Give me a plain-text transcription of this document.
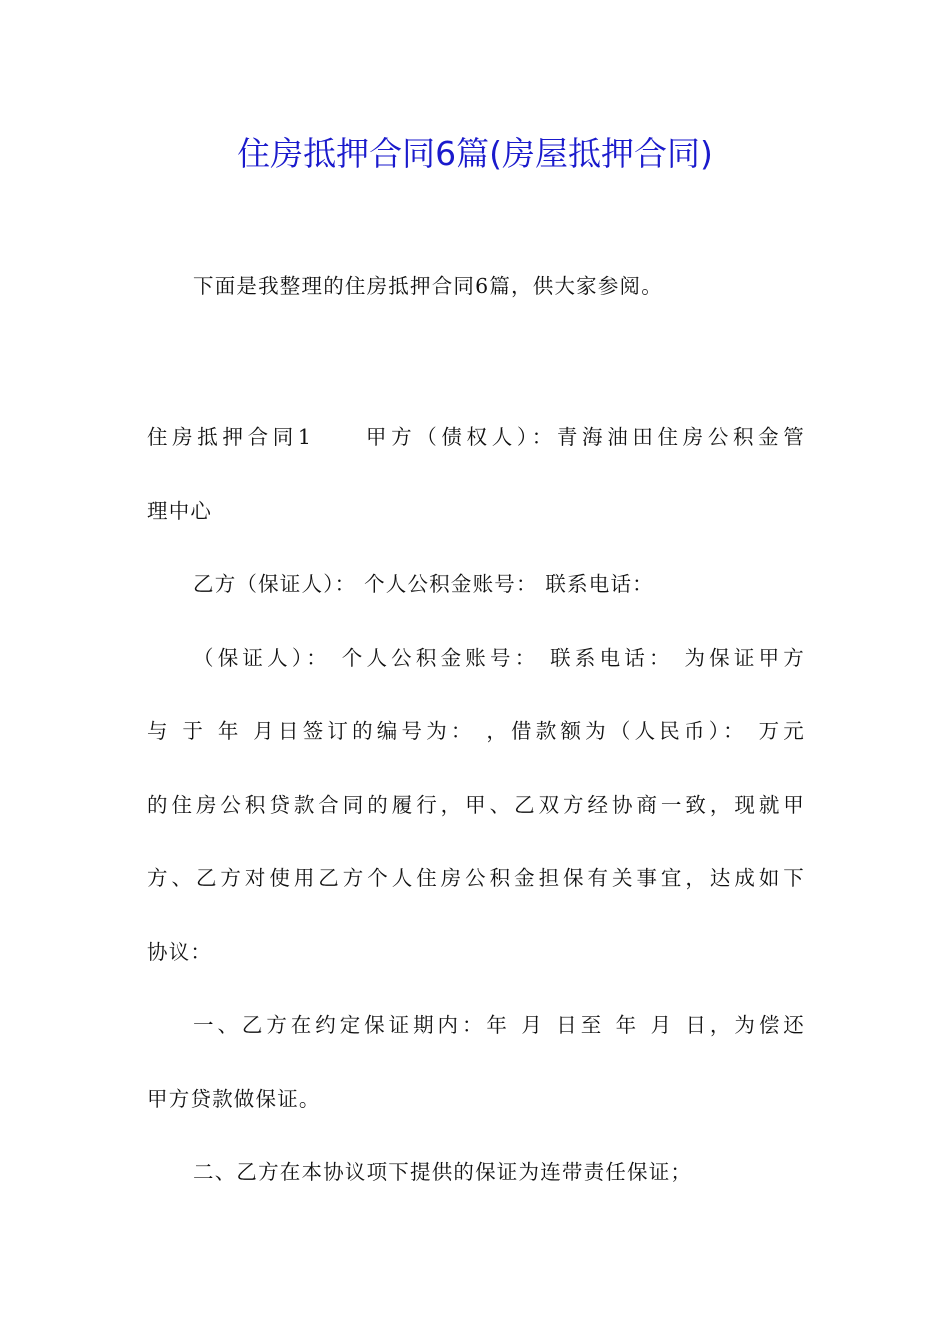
住房抵押合同6篇(房屋抵押合同)
下面是我整理的住房抵押合同6篇，供大家参阅。
住房抵押合同1　　甲方（债权人）：青海油田住房公积金管
理中心
乙方（保证人）： 个人公积金账号： 联系电话：
（保证人）： 个人公积金账号： 联系电话： 为保证甲方
与 于 年 月日签订的编号为： ，借款额为（人民币）： 万元
的住房公积贷款合同的履行，甲、乙双方经协商一致，现就甲
方、乙方对使用乙方个人住房公积金担保有关事宜，达成如下
协议：
一、乙方在约定保证期内：年 月 日至 年 月 日，为偿还
甲方贷款做保证。
二、乙方在本协议项下提供的保证为连带责任保证；
